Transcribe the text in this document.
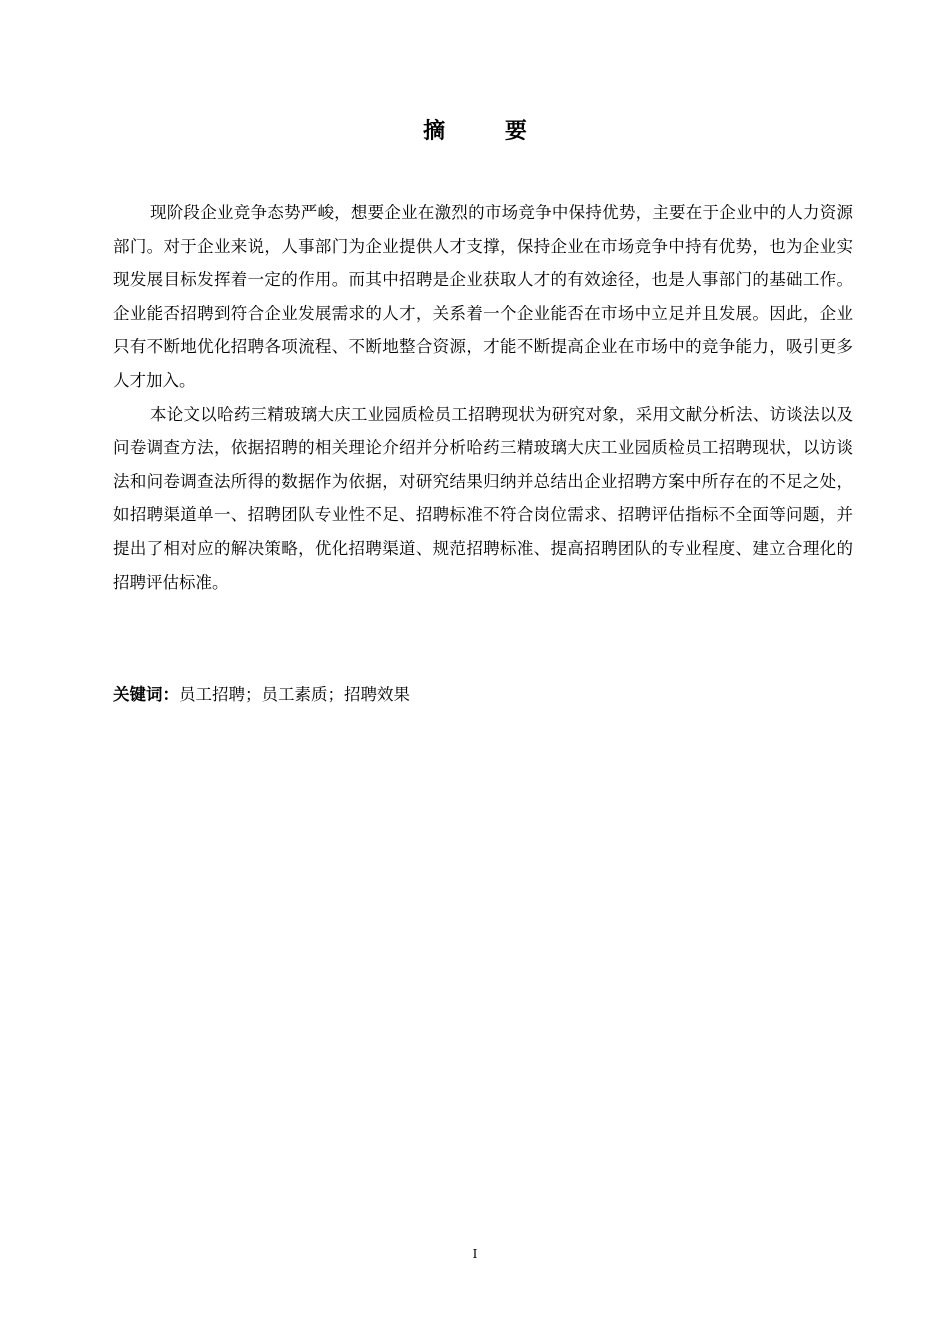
摘 要

现阶段企业竞争态势严峻，想要企业在激烈的市场竞争中保持优势，主要在于企业中的人力资源部门。对于企业来说，人事部门为企业提供人才支撑，保持企业在市场竞争中持有优势，也为企业实现发展目标发挥着一定的作用。而其中招聘是企业获取人才的有效途径，也是人事部门的基础工作。企业能否招聘到符合企业发展需求的人才，关系着一个企业能否在市场中立足并且发展。因此，企业只有不断地优化招聘各项流程、不断地整合资源，才能不断提高企业在市场中的竞争能力，吸引更多人才加入。

本论文以哈药三精玻璃大庆工业园质检员工招聘现状为研究对象，采用文献分析法、访谈法以及问卷调查方法，依据招聘的相关理论介绍并分析哈药三精玻璃大庆工业园质检员工招聘现状，以访谈法和问卷调查法所得的数据作为依据，对研究结果归纳并总结出企业招聘方案中所存在的不足之处，如招聘渠道单一、招聘团队专业性不足、招聘标准不符合岗位需求、招聘评估指标不全面等问题，并提出了相对应的解决策略，优化招聘渠道、规范招聘标准、提高招聘团队的专业程度、建立合理化的招聘评估标准。

关键词：员工招聘；员工素质；招聘效果
I
